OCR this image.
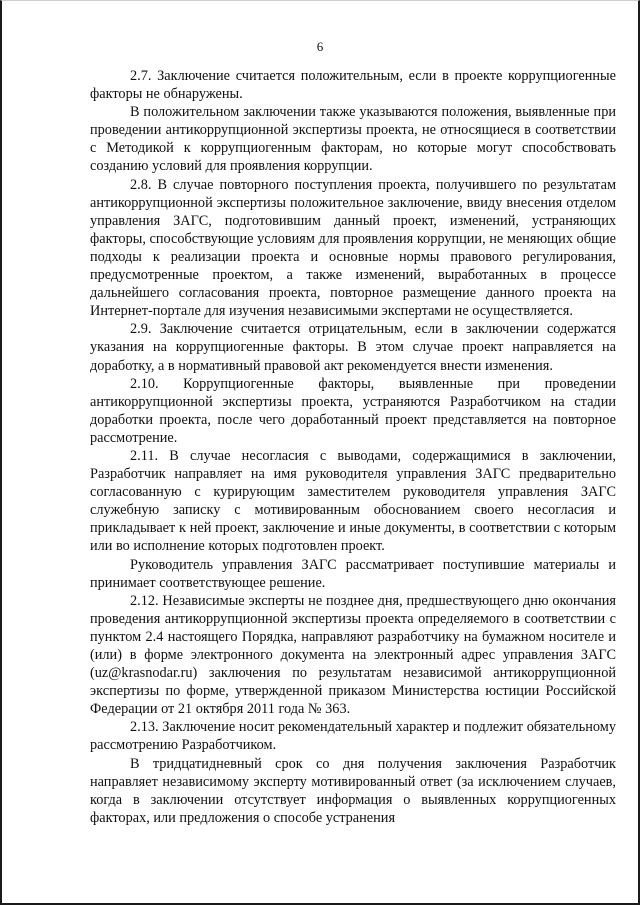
6

2.7. Заключение считается положительным, если в проекте коррупциогенные факторы не обнаружены.

В положительном заключении также указываются положения, выявленные при проведении антикоррупционной экспертизы проекта, не относящиеся в соответствии с Методикой к коррупциогенным факторам, но которые могут способствовать созданию условий для проявления коррупции.

2.8. В случае повторного поступления проекта, получившего по результатам антикоррупционной экспертизы положительное заключение, ввиду внесения отделом управления ЗАГС, подготовившим данный проект, изменений, устраняющих факторы, способствующие условиям для проявления коррупции, не меняющих общие подходы к реализации проекта и основные нормы правового регулирования, предусмотренные проектом, а также изменений, выработанных в процессе дальнейшего согласования проекта, повторное размещение данного проекта на Интернет-портале для изучения независимыми экспертами не осуществляется.

2.9. Заключение считается отрицательным, если в заключении содержатся указания на коррупциогенные факторы. В этом случае проект направляется на доработку, а в нормативный правовой акт рекомендуется внести изменения.

2.10. Коррупциогенные факторы, выявленные при проведении антикоррупционной экспертизы проекта, устраняются Разработчиком на стадии доработки проекта, после чего доработанный проект представляется на повторное рассмотрение.

2.11. В случае несогласия с выводами, содержащимися в заключении, Разработчик направляет на имя руководителя управления ЗАГС предварительно согласованную с курирующим заместителем руководителя управления ЗАГС служебную записку с мотивированным обоснованием своего несогласия и прикладывает к ней проект, заключение и иные документы, в соответствии с которым или во исполнение которых подготовлен проект.

Руководитель управления ЗАГС рассматривает поступившие материалы и принимает соответствующее решение.

2.12. Независимые эксперты не позднее дня, предшествующего дню окончания проведения антикоррупционной экспертизы проекта определяемого в соответствии с пунктом 2.4 настоящего Порядка, направляют разработчику на бумажном носителе и (или) в форме электронного документа на электронный адрес управления ЗАГС (uz@krasnodar.ru) заключения по результатам независимой антикоррупционной экспертизы по форме, утвержденной приказом Министерства юстиции Российской Федерации от 21 октября 2011 года № 363.

2.13. Заключение носит рекомендательный характер и подлежит обязательному рассмотрению Разработчиком.

В тридцатидневный срок со дня получения заключения Разработчик направляет независимому эксперту мотивированный ответ (за исключением случаев, когда в заключении отсутствует информация о выявленных коррупциогенных факторах, или предложения о способе устранения
